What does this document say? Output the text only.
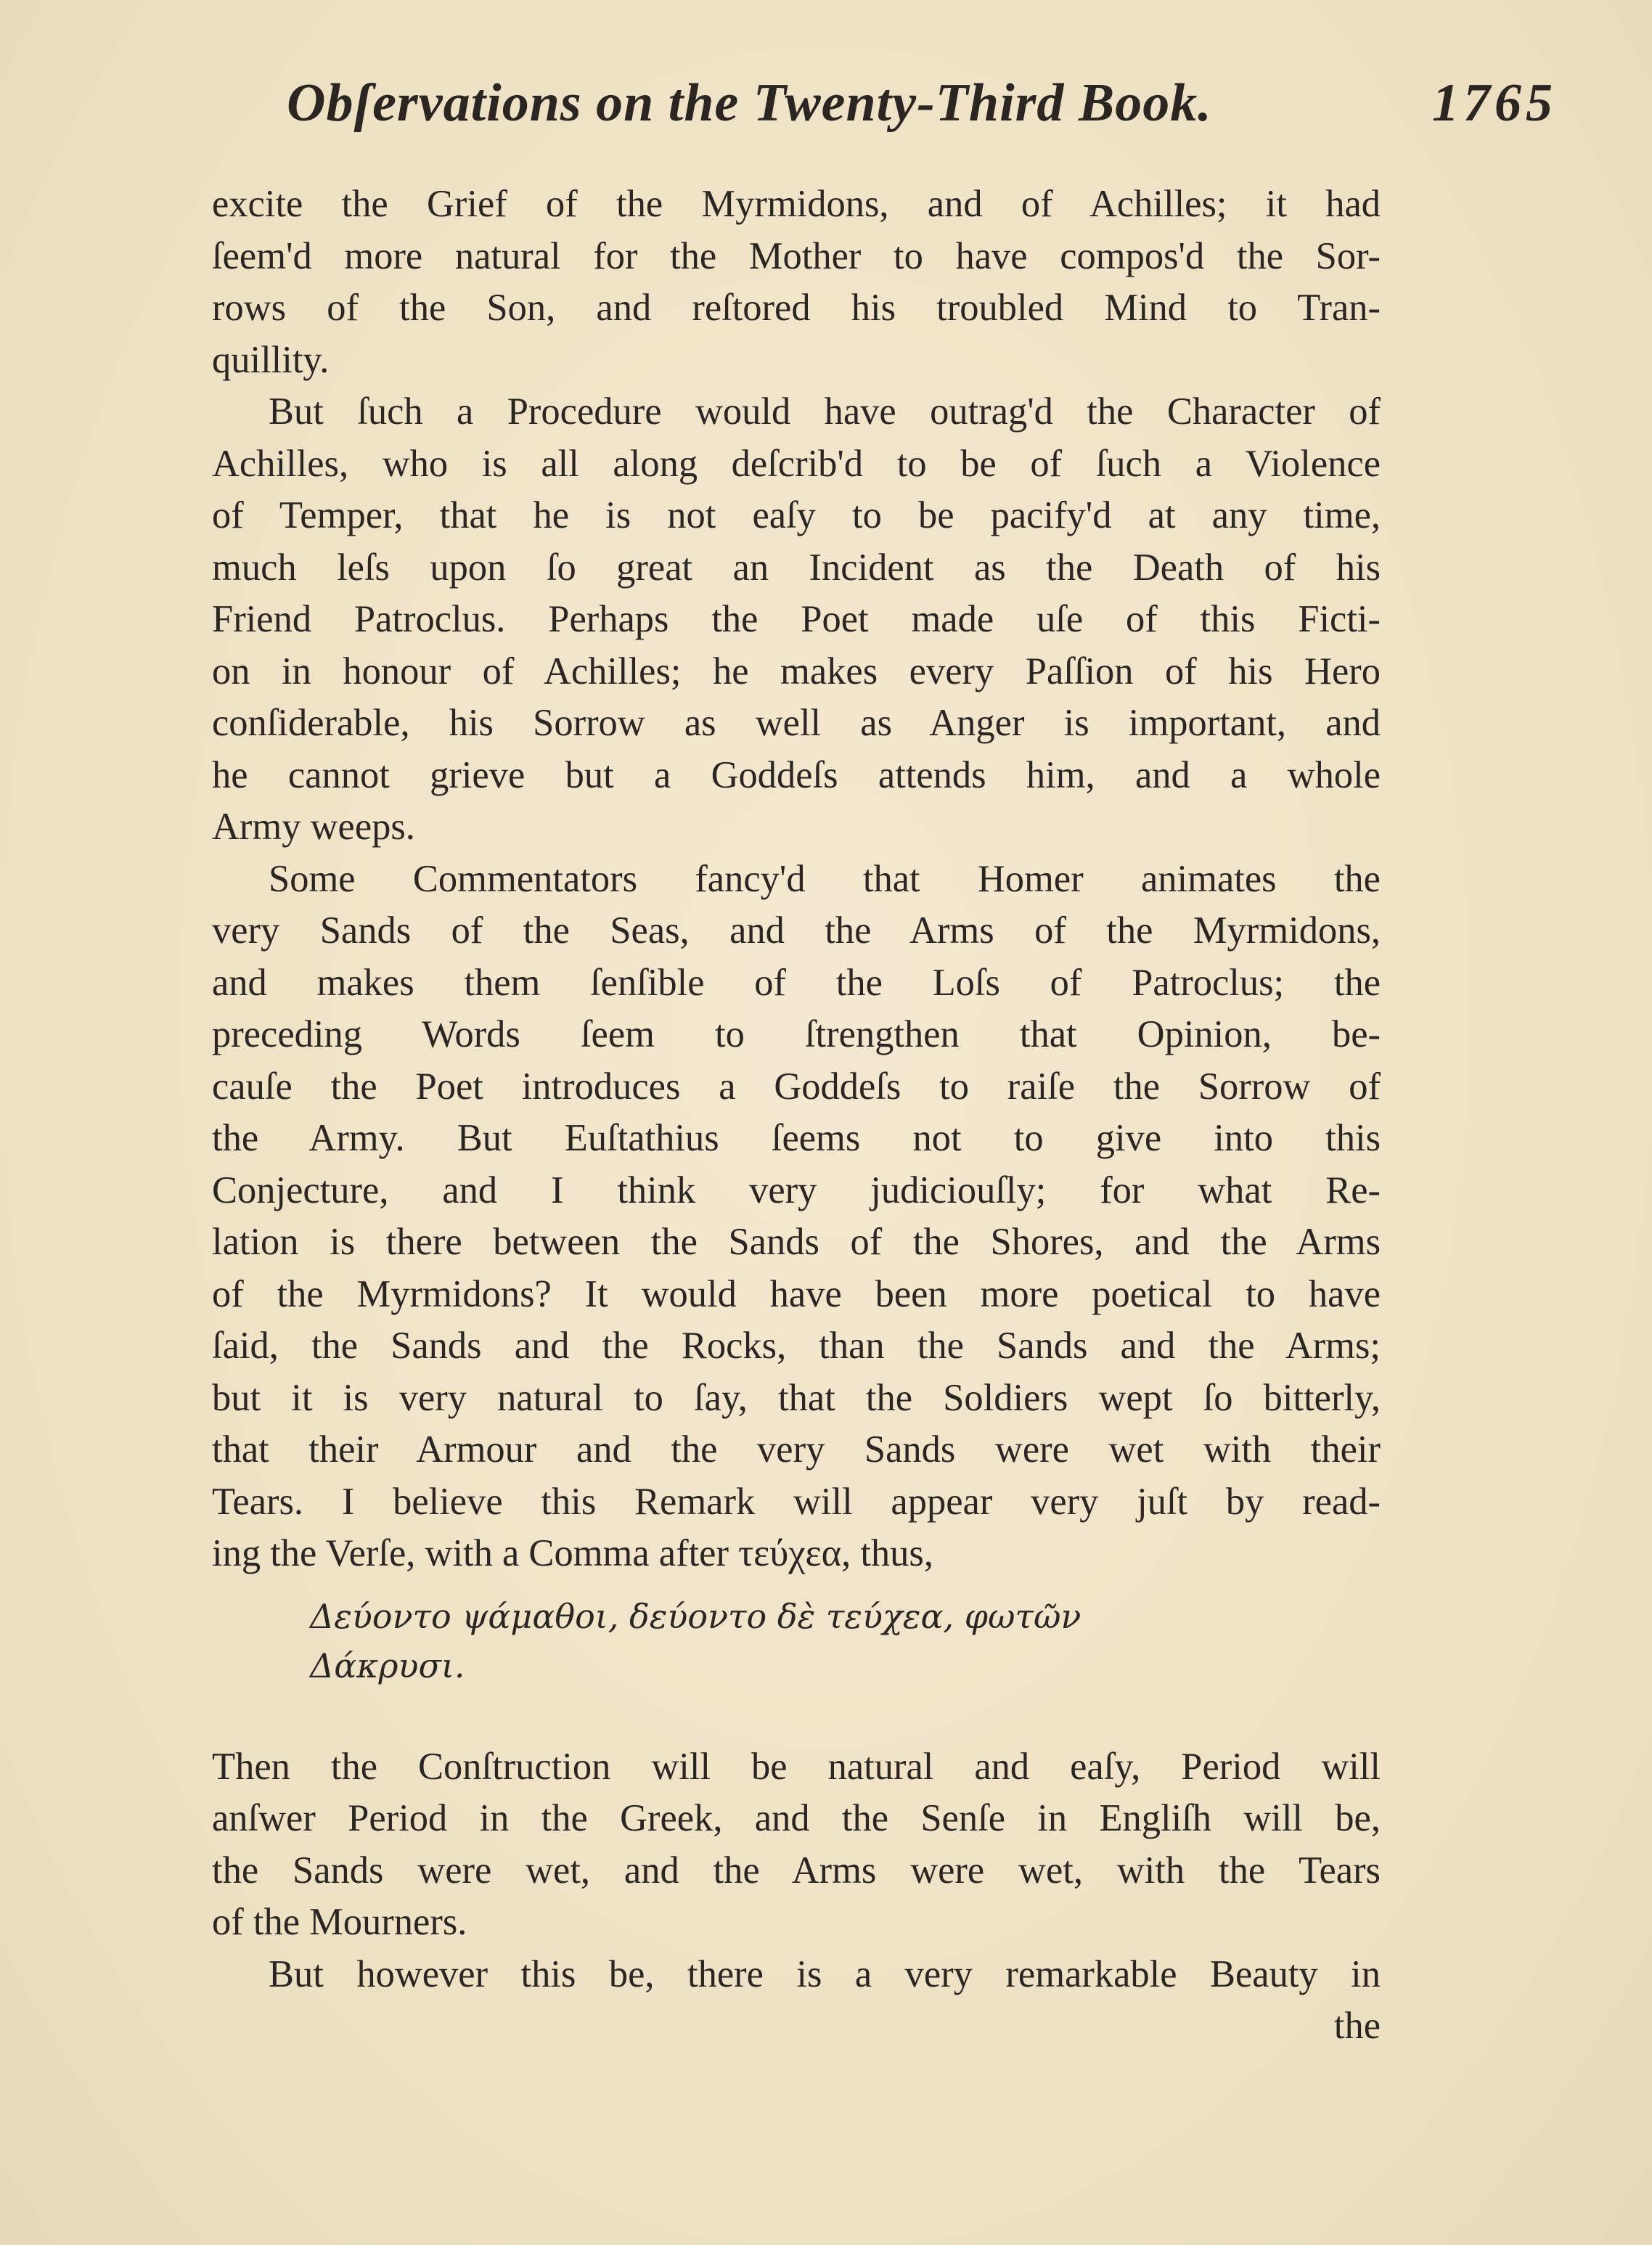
Obſervations on the Twenty-Third Book.	1765
excite the Grief of the Myrmidons, and of Achilles; it had
ſeem'd more natural for the Mother to have compos'd the Sor-
rows of the Son, and reſtored his troubled Mind to Tran-
quillity.
But ſuch a Procedure would have outrag'd the Character of
Achilles, who is all along deſcrib'd to be of ſuch a Violence
of Temper, that he is not eaſy to be pacify'd at any time,
much leſs upon ſo great an Incident as the Death of his
Friend Patroclus. Perhaps the Poet made uſe of this Ficti-
on in honour of Achilles; he makes every Paſſion of his Hero
conſiderable, his Sorrow as well as Anger is important, and
he cannot grieve but a Goddeſs attends him, and a whole
Army weeps.
Some Commentators fancy'd that Homer animates the
very Sands of the Seas, and the Arms of the Myrmidons,
and makes them ſenſible of the Loſs of Patroclus; the
preceding Words ſeem to ſtrengthen that Opinion, be-
cauſe the Poet introduces a Goddeſs to raiſe the Sorrow of
the Army. But Euſtathius ſeems not to give into this
Conjecture, and I think very judiciouſly; for what Re-
lation is there between the Sands of the Shores, and the Arms
of the Myrmidons? It would have been more poetical to have
ſaid, the Sands and the Rocks, than the Sands and the Arms;
but it is very natural to ſay, that the Soldiers wept ſo bitterly,
that their Armour and the very Sands were wet with their
Tears. I believe this Remark will appear very juſt by read-
ing the Verſe, with a Comma after τεύχεα, thus,
Δεύοντο ψάμαθοι, δεύοντο δὲ τεύχεα, φωτῶν
Δάκρυσι.
Then the Conſtruction will be natural and eaſy, Period will
anſwer Period in the Greek, and the Senſe in Engliſh will be,
the Sands were wet, and the Arms were wet, with the Tears
of the Mourners.
But however this be, there is a very remarkable Beauty in
the
